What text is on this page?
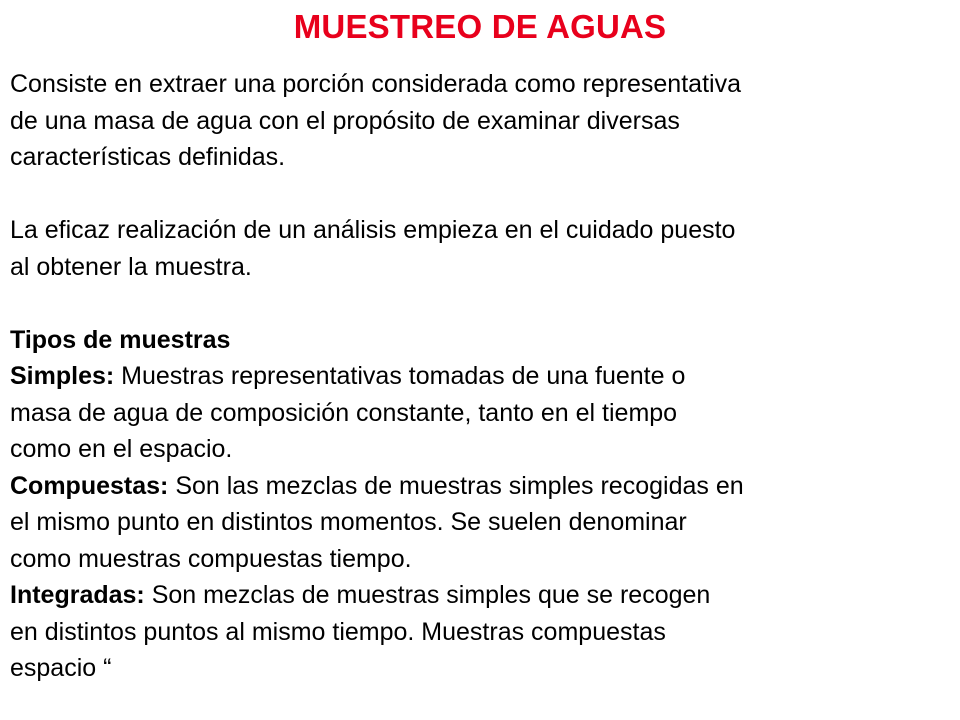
MUESTREO DE AGUAS
Consiste en extraer una porción considerada como representativa
de una masa de agua con el propósito de examinar diversas
características definidas.
La eficaz realización de un análisis empieza en el cuidado puesto
al obtener la muestra.
Tipos de muestras
Simples: Muestras representativas tomadas de una fuente o
masa de agua de composición constante, tanto en el tiempo
como en el espacio.
Compuestas: Son las mezclas de muestras simples recogidas en
el mismo punto en distintos momentos. Se suelen denominar
como muestras compuestas tiempo.
Integradas: Son mezclas de muestras simples que se recogen
en distintos puntos al mismo tiempo. Muestras compuestas
espacio “
